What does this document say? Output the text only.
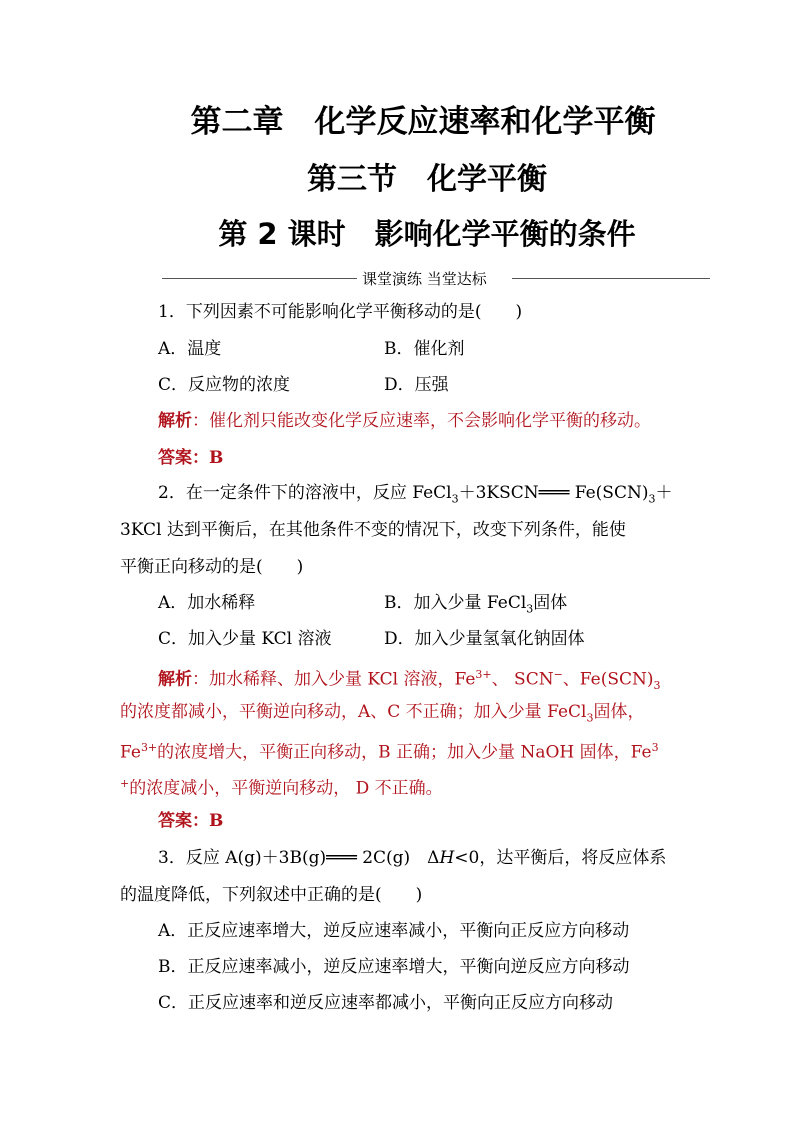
第二章　化学反应速率和化学平衡
第三节　化学平衡
第 2 课时　影响化学平衡的条件
课堂演练 当堂达标
1．下列因素不可能影响化学平衡移动的是(　　)
A．温度	B．催化剂
C．反应物的浓度	D．压强
解析：催化剂只能改变化学反应速率，不会影响化学平衡的移动。
答案：B
2．在一定条件下的溶液中，反应 FeCl$_3$＋3KSCN═══ $Fe(SCN)_3+$
3KCl 达到平衡后，在其他条件不变的情况下，改变下列条件，能使
平衡正向移动的是(　　)
A．加水稀释	B．加入少量 FeCl$_3$固体
C．加入少量 KCl 溶液	D．加入少量氢氧化钠固体
解析：加水稀释、加入少量 KCl 溶液，$Fe^{3+}$、 SCN−、$Fe(SCN)_3$
的浓度都减小，平衡逆向移动，A、C 不正确；加入少量 FeCl$_3$固体，
$Fe^{3+}$的浓度增大，平衡正向移动，B 正确；加入少量 NaOH 固体，Fe$^3$
+的浓度减小，平衡逆向移动， D 不正确。
答案：B
3．反应 A(g)＋3B(g)═══ 2C(g)　ΔH<0，达平衡后，将反应体系
的温度降低，下列叙述中正确的是(　　)
A．正反应速率增大，逆反应速率减小，平衡向正反应方向移动
B．正反应速率减小，逆反应速率增大，平衡向逆反应方向移动
C．正反应速率和逆反应速率都减小，平衡向正反应方向移动
